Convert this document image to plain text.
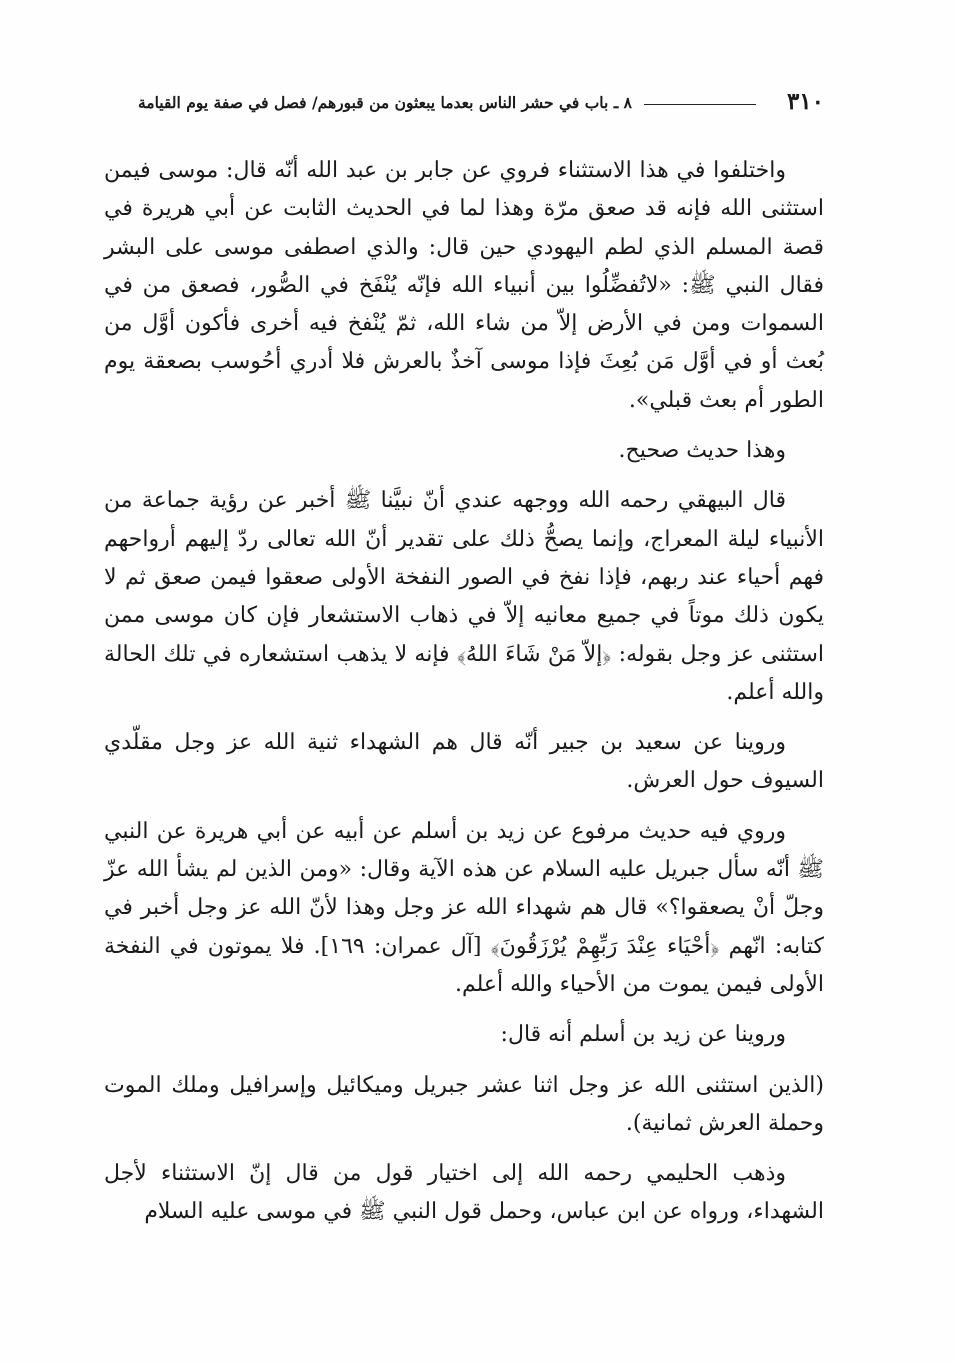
٣١٠
٨ ـ باب في حشر الناس بعدما يبعثون من قبورهم/ فصل في صفة يوم القيامة

واختلفوا في هذا الاستثناء فروي عن جابر بن عبد الله أنّه قال: موسى فيمن استثنى الله فإنه قد صعق مرّة وهذا لما في الحديث الثابت عن أبي هريرة في قصة المسلم الذي لطم اليهودي حين قال: والذي اصطفى موسى على البشر فقال النبي ﷺ: «لاتُفضِّلُوا بين أنبياء الله فإنّه يُنْفَخ في الصُّور، فصعق من في السموات ومن في الأرض إلاّ من شاء الله، ثمّ يُنْفخ فيه أخرى فأكون أوَّل من بُعث أو في أوَّل مَن بُعِثَ فإذا موسى آخذٌ بالعرش فلا أدري أحُوسب بصعقة يوم الطور أم بعث قبلي».

وهذا حديث صحيح.

قال البيهقي رحمه الله ووجهه عندي أنّ نبيَّنا ﷺ أخبر عن رؤية جماعة من الأنبياء ليلة المعراج، وإنما يصحُّ ذلك على تقدير أنّ الله تعالى ردّ إليهم أرواحهم فهم أحياء عند ربهم، فإذا نفخ في الصور النفخة الأولى صعقوا فيمن صعق ثم لا يكون ذلك موتاً في جميع معانيه إلاّ في ذهاب الاستشعار فإن كان موسى ممن استثنى عز وجل بقوله: ﴿إلاّ مَنْ شَاءَ اللهُ﴾ فإنه لا يذهب استشعاره في تلك الحالة والله أعلم.

وروينا عن سعيد بن جبير أنّه قال هم الشهداء ثنية الله عز وجل مقلّدي السيوف حول العرش.

وروي فيه حديث مرفوع عن زيد بن أسلم عن أبيه عن أبي هريرة عن النبي ﷺ أنّه سأل جبريل عليه السلام عن هذه الآية وقال: «ومن الذين لم يشأ الله عزّ وجلّ أنْ يصعقوا؟» قال هم شهداء الله عز وجل وهذا لأنّ الله عز وجل أخبر في كتابه: انّهم ﴿أحْيَاء عِنْدَ رَبِّهِمْ يُرْزَقُونَ﴾ [آل عمران: ١٦٩]. فلا يموتون في النفخة الأولى فيمن يموت من الأحياء والله أعلم.

وروينا عن زيد بن أسلم أنه قال:

(الذين استثنى الله عز وجل اثنا عشر جبريل وميكائيل وإسرافيل وملك الموت وحملة العرش ثمانية).

وذهب الحليمي رحمه الله إلى اختيار قول من قال إنّ الاستثناء لأجل الشهداء، ورواه عن ابن عباس، وحمل قول النبي ﷺ في موسى عليه السلام
